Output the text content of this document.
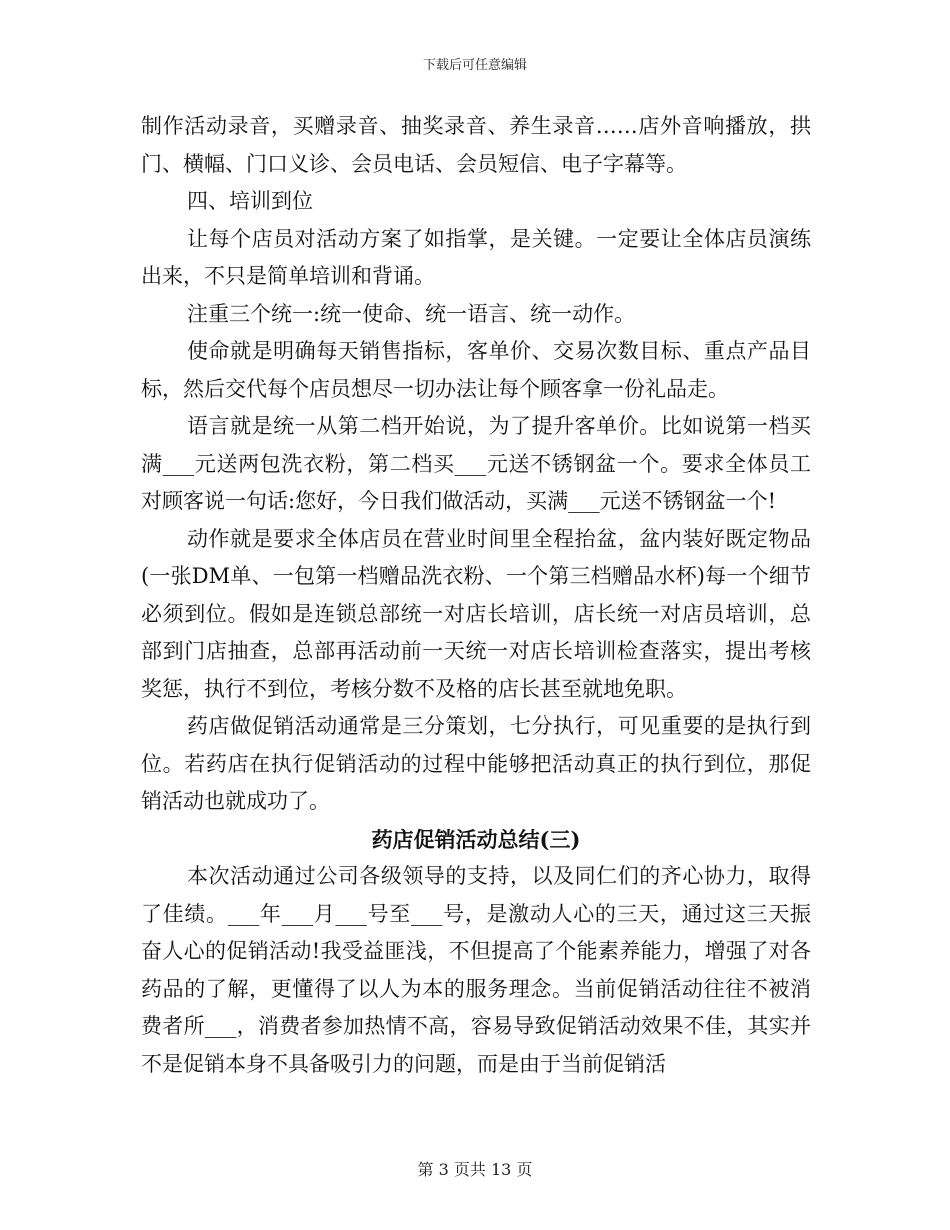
下载后可任意编辑

制作活动录音，买赠录音、抽奖录音、养生录音……店外音响播放，拱门、横幅、门口义诊、会员电话、会员短信、电子字幕等。

四、培训到位

让每个店员对活动方案了如指掌，是关键。一定要让全体店员演练出来，不只是简单培训和背诵。

注重三个统一:统一使命、统一语言、统一动作。

使命就是明确每天销售指标，客单价、交易次数目标、重点产品目标，然后交代每个店员想尽一切办法让每个顾客拿一份礼品走。

语言就是统一从第二档开始说，为了提升客单价。比如说第一档买满___元送两包洗衣粉，第二档买___元送不锈钢盆一个。要求全体员工对顾客说一句话:您好，今日我们做活动，买满___元送不锈钢盆一个!

动作就是要求全体店员在营业时间里全程抬盆，盆内装好既定物品(一张DM单、一包第一档赠品洗衣粉、一个第三档赠品水杯)每一个细节必须到位。假如是连锁总部统一对店长培训，店长统一对店员培训，总部到门店抽查，总部再活动前一天统一对店长培训检查落实，提出考核奖惩，执行不到位，考核分数不及格的店长甚至就地免职。

药店做促销活动通常是三分策划，七分执行，可见重要的是执行到位。若药店在执行促销活动的过程中能够把活动真正的执行到位，那促销活动也就成功了。

药店促销活动总结(三)

本次活动通过公司各级领导的支持，以及同仁们的齐心协力，取得了佳绩。___年___月___号至___号，是激动人心的三天，通过这三天振奋人心的促销活动!我受益匪浅，不但提高了个能素养能力，增强了对各药品的了解，更懂得了以人为本的服务理念。当前促销活动往往不被消费者所___，消费者参加热情不高，容易导致促销活动效果不佳，其实并不是促销本身不具备吸引力的问题，而是由于当前促销活

第 3 页共 13 页
